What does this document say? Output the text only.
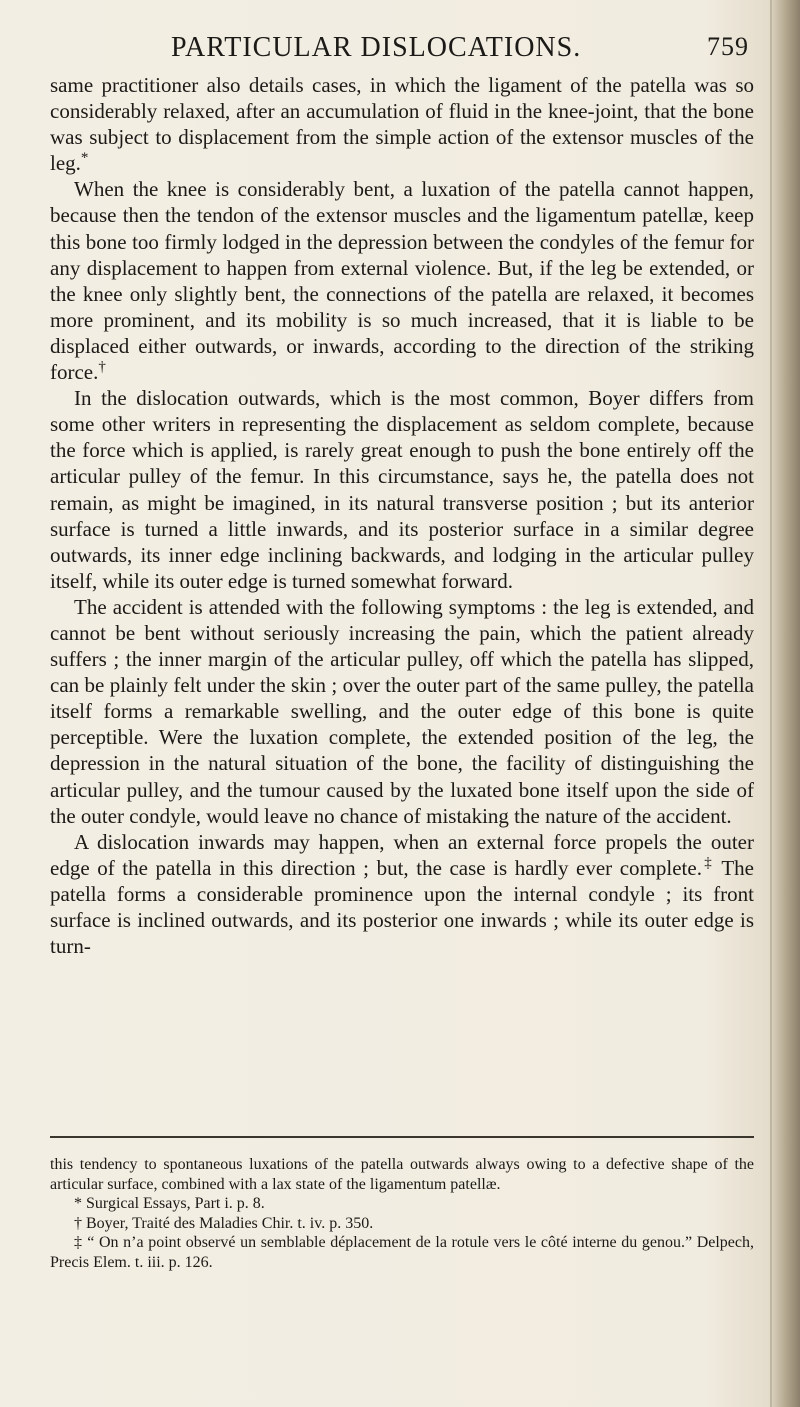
PARTICULAR DISLOCATIONS.	759

same practitioner also details cases, in which the ligament of the patella was so considerably relaxed, after an accumulation of fluid in the knee-joint, that the bone was subject to displacement from the simple action of the extensor muscles of the leg.*

When the knee is considerably bent, a luxation of the patella cannot happen, because then the tendon of the extensor muscles and the ligamentum patellæ, keep this bone too firmly lodged in the depression between the condyles of the femur for any displacement to happen from external violence. But, if the leg be extended, or the knee only slightly bent, the connections of the patella are relaxed, it becomes more prominent, and its mobility is so much increased, that it is liable to be displaced either outwards, or inwards, according to the direction of the striking force.†

In the dislocation outwards, which is the most common, Boyer differs from some other writers in representing the displacement as seldom complete, because the force which is applied, is rarely great enough to push the bone entirely off the articular pulley of the femur. In this circumstance, says he, the patella does not remain, as might be imagined, in its natural transverse position ; but its anterior surface is turned a little inwards, and its posterior surface in a similar degree outwards, its inner edge inclining backwards, and lodging in the articular pulley itself, while its outer edge is turned somewhat forward.

The accident is attended with the following symptoms : the leg is extended, and cannot be bent without seriously increasing the pain, which the patient already suffers ; the inner margin of the articular pulley, off which the patella has slipped, can be plainly felt under the skin ; over the outer part of the same pulley, the patella itself forms a remarkable swelling, and the outer edge of this bone is quite perceptible. Were the luxation complete, the extended position of the leg, the depression in the natural situation of the bone, the facility of distinguishing the articular pulley, and the tumour caused by the luxated bone itself upon the side of the outer condyle, would leave no chance of mistaking the nature of the accident.

A dislocation inwards may happen, when an external force propels the outer edge of the patella in this direction ; but, the case is hardly ever complete.‡ The patella forms a considerable prominence upon the internal condyle ; its front surface is inclined outwards, and its posterior one inwards ; while its outer edge is turn-

this tendency to spontaneous luxations of the patella outwards always owing to a defective shape of the articular surface, combined with a lax state of the ligamentum patellæ.

* Surgical Essays, Part i. p. 8.

† Boyer, Traité des Maladies Chir. t. iv. p. 350.

‡ “ On n’a point observé un semblable déplacement de la rotule vers le côté interne du genou.” Delpech, Precis Elem. t. iii. p. 126.
